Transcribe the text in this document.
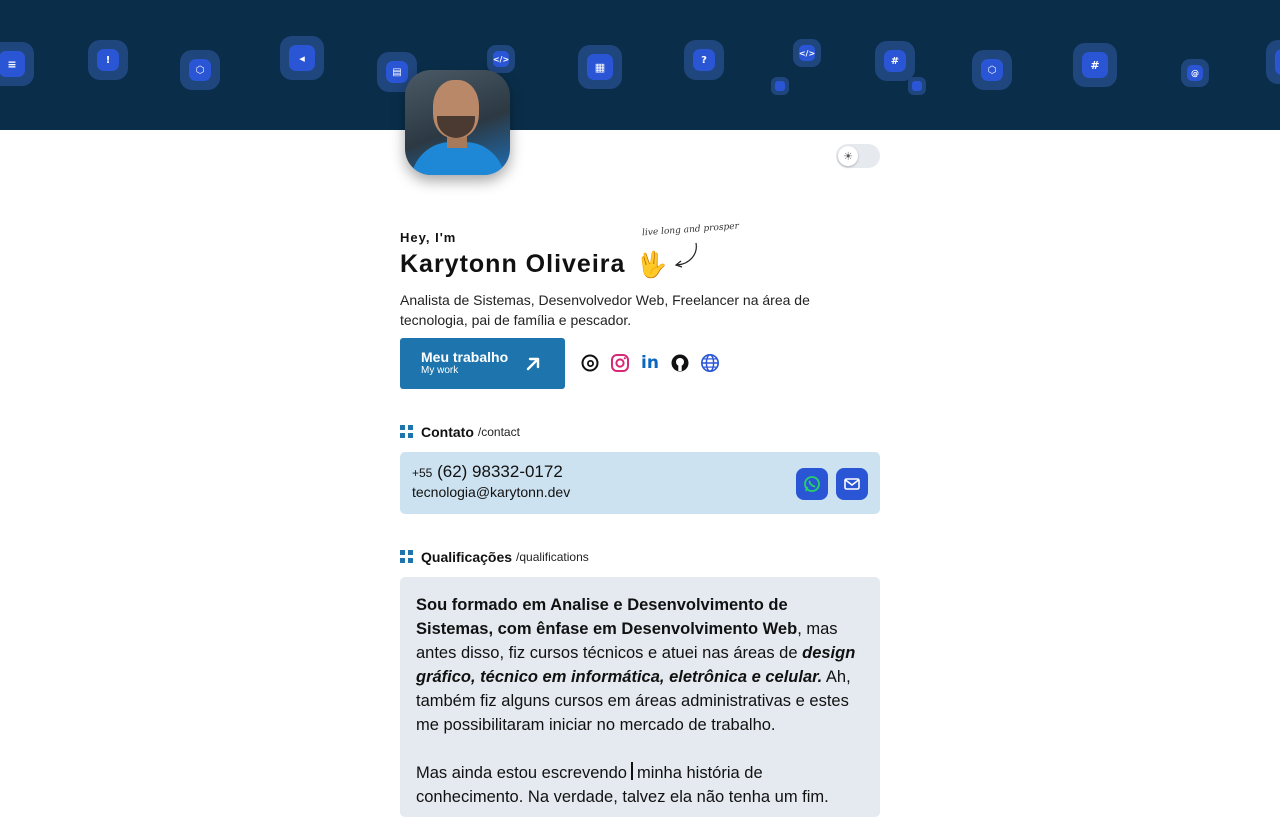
≡	!
⬡
◂
▤
</>
▦
?
</>
#
⬡	#
@
☀
Hey, I'm
Karytonn Oliveira 🖖
live long and prosper
Analista de Sistemas, Desenvolvedor Web, Freelancer na área de tecnologia, pai de família e pescador.
Meu trabalho
My work	in
Contato /contact
+55 (62) 98332-0172
tecnologia@karytonn.dev
Qualificações /qualifications

Sou formado em Analise e Desenvolvimento de Sistemas, com ênfase em Desenvolvimento Web, mas antes disso, fiz cursos técnicos e atuei nas áreas de design gráfico, técnico em informática, eletrônica e celular. Ah, também fiz alguns cursos em áreas administrativas e estes me possibilitaram iniciar no mercado de trabalho.

Mas ainda estou escrevendo minha história de conhecimento. Na verdade, talvez ela não tenha um fim.
